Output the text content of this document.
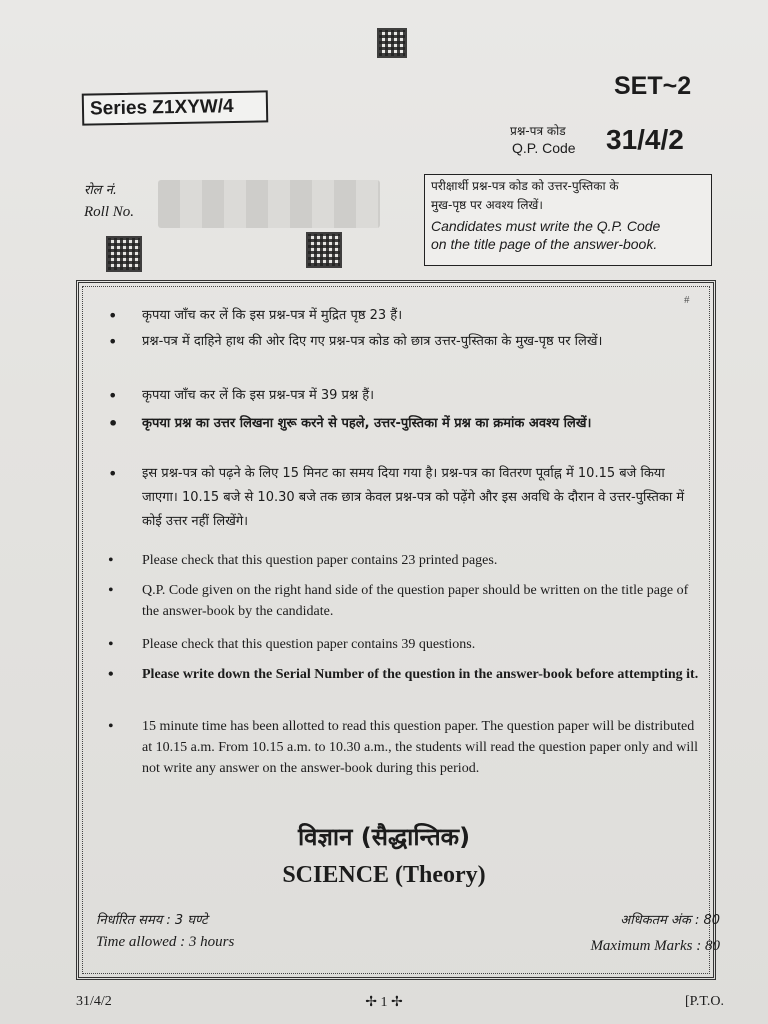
Series Z1XYW/4
SET~2
प्रश्न-पत्र कोड
Q.P. Code 31/4/2
रोल नं.
Roll No.
परीक्षार्थी प्रश्न-पत्र कोड को उत्तर-पुस्तिका के
मुख-पृष्ठ पर अवश्य लिखें।
Candidates must write the Q.P. Code
on the title page of the answer-book.
#
• कृपया जाँच कर लें कि इस प्रश्न-पत्र में मुद्रित पृष्ठ 23 हैं।
• प्रश्न-पत्र में दाहिने हाथ की ओर दिए गए प्रश्न-पत्र कोड को छात्र उत्तर-पुस्तिका के मुख-पृष्ठ पर लिखें।
• कृपया जाँच कर लें कि इस प्रश्न-पत्र में 39 प्रश्न हैं।
• कृपया प्रश्न का उत्तर लिखना शुरू करने से पहले, उत्तर-पुस्तिका में प्रश्न का क्रमांक अवश्य लिखें।
• इस प्रश्न-पत्र को पढ़ने के लिए 15 मिनट का समय दिया गया है। प्रश्न-पत्र का वितरण पूर्वाह्न में 10.15 बजे किया जाएगा। 10.15 बजे से 10.30 बजे तक छात्र केवल प्रश्न-पत्र को पढ़ेंगे और इस अवधि के दौरान वे उत्तर-पुस्तिका में कोई उत्तर नहीं लिखेंगे।
• Please check that this question paper contains 23 printed pages.
• Q.P. Code given on the right hand side of the question paper should be written on the title page of the answer-book by the candidate.
• Please check that this question paper contains 39 questions.
• Please write down the Serial Number of the question in the answer-book before attempting it.
• 15 minute time has been allotted to read this question paper. The question paper will be distributed at 10.15 a.m. From 10.15 a.m. to 10.30 a.m., the students will read the question paper only and will not write any answer on the answer-book during this period.
विज्ञान (सैद्धान्तिक)
SCIENCE (Theory)
निर्धारित समय : 3 घण्टे
Time allowed : 3 hours
अधिकतम अंक : 80
Maximum Marks : 80
31/4/2	✢ 1 ✢	[P.T.O.
